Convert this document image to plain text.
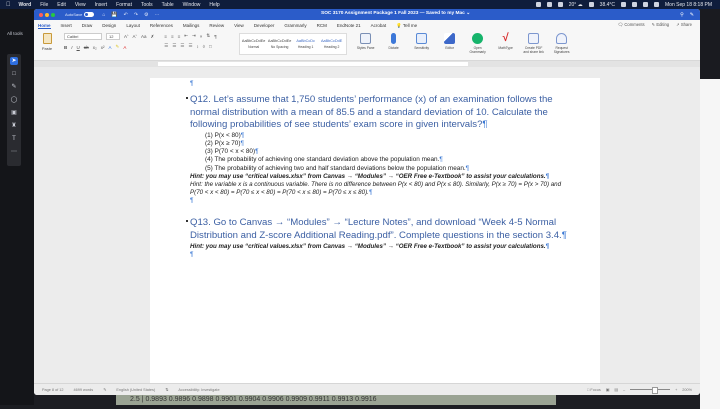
Word File Edit View Insert Format Tools Table Window Help	20° ☁	38.4°C	Mon Sep 18 8:18 PM
All tools
➤
□
✎
◯
▣
♜
T
⋯
AutoSave	⌂ 💾 ↶ ↷ ⚙ ⋯	SOC 3170 Assignment Package 1 Fall 2023 — Saved to my Mac ⌄	⚲ ✎
Home Insert Draw Design Layout References Mailings Review View Developer Grammarly RCM EndNote 21 Acrobat 💡 Tell me	🗨 Comments ✎ Editing ↗ Share
Paste
Calibri	12	Aˆ Aˇ Aa ✗
B I U ab x₂ x² A ✎ A
≡ ≡ ≡ ⇤ ⇥ × ⇅ ¶
☰ ☰ ☰ ☰ ↕ ◊ □
AaBbCcDdEe
Normal
AaBbCcDdEe
No Spacing
AaBbCcDc
Heading 1
AaBbCcDdE
Heading 2	Styles Pane	Dictate	Sensitivity	Editor	Open Grammarly
√
MathType	Create PDF and share link
Request Signatures
¶
Q12. Let’s assume that 1,750 students’ performance (x) of an examination follows the normal distribution with a mean of 85.5 and a standard deviation of 10. Calculate the following probabilities of see students’ exam score in given intervals?¶
(1) P(x < 80)¶
(2) P(x ≥ 70)¶
(3) P(70 < x < 80)¶
(4) The probability of achieving one standard deviation above the population mean.¶
(5) The probability of achieving two and half standard deviations below the population mean.¶
Hint: you may use “critical values.xlsx” from Canvas → “Modules” → “OER Free e-Textbook” to assist your calculations.¶
Hint: the variable x is a continuous variable. There is no difference between P(x < 80) and P(x ≤ 80). Similarly, P(x ≥ 70) = P(x > 70) and P(70 < x < 80) = P(70 ≤ x < 80) = P(70 < x ≤ 80) = P(70 ≤ x ≤ 80).¶
¶
Q13. Go to Canvas → “Modules” → “Lecture Notes”, and download “Week 4-5 Normal Distribution and Z-score Additional Reading.pdf”. Complete questions in the section 3.4.¶
Hint: you may use “critical values.xlsx” from Canvas → “Modules” → “OER Free e-Textbook” to assist your calculations.¶
¶
Page 8 of 12	4699 words	✎	English (United States)	⇅	Accessibility: Investigate	□ Focus ▣ ▤ –	+ 200%
2.5 | 0.9893 0.9896 0.9898 0.9901 0.9904 0.9906 0.9909 0.9911 0.9913 0.9916
